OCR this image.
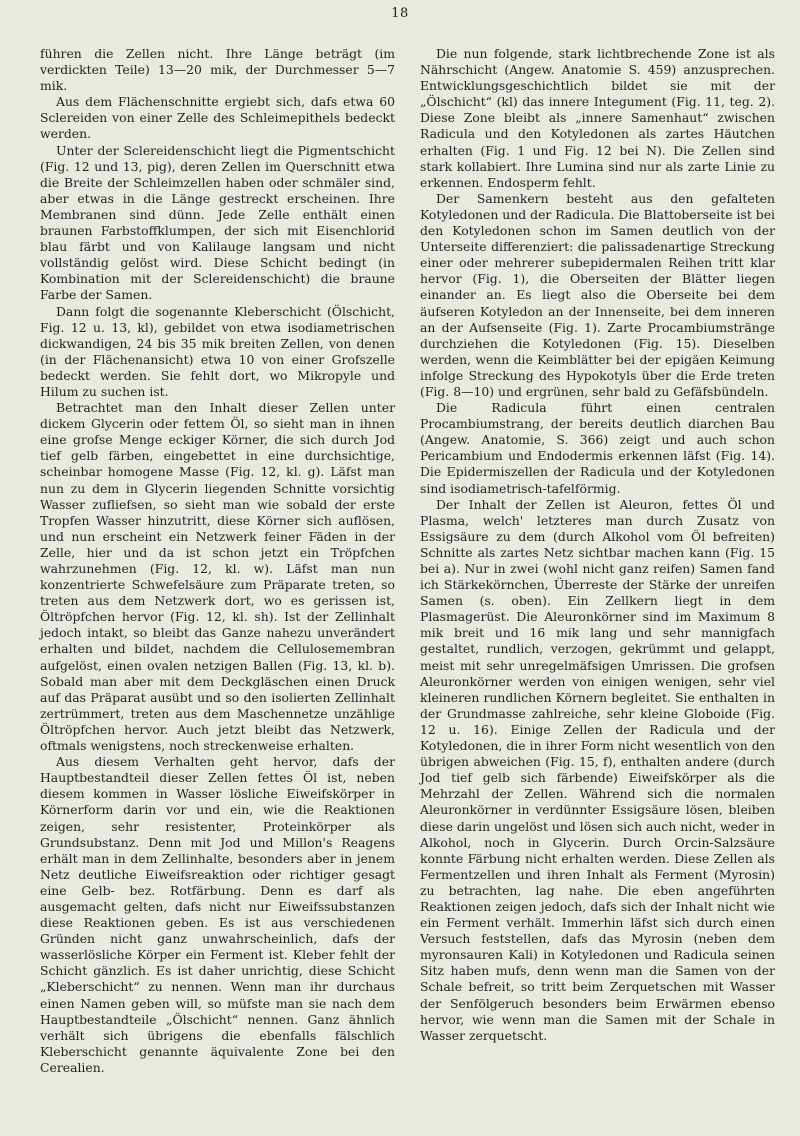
18

führen die Zellen nicht. Ihre Länge beträgt (im verdickten Teile) 13—20 mik, der Durchmesser 5—7 mik.

Aus dem Flächenschnitte ergiebt sich, dafs etwa 60 Sclereiden von einer Zelle des Schleimepithels bedeckt werden.

Unter der Sclereidenschicht liegt die Pigmentschicht (Fig. 12 und 13, pig), deren Zellen im Querschnitt etwa die Breite der Schleimzellen haben oder schmäler sind, aber etwas in die Länge gestreckt erscheinen. Ihre Membranen sind dünn. Jede Zelle enthält einen braunen Farbstoffklumpen, der sich mit Eisenchlorid blau färbt und von Kalilauge langsam und nicht vollständig gelöst wird. Diese Schicht bedingt (in Kombination mit der Sclereidenschicht) die braune Farbe der Samen.

Dann folgt die sogenannte Kleberschicht (Ölschicht, Fig. 12 u. 13, kl), gebildet von etwa isodiametrischen dickwandigen, 24 bis 35 mik breiten Zellen, von denen (in der Flächenansicht) etwa 10 von einer Grofszelle bedeckt werden. Sie fehlt dort, wo Mikropyle und Hilum zu suchen ist.

Betrachtet man den Inhalt dieser Zellen unter dickem Glycerin oder fettem Öl, so sieht man in ihnen eine grofse Menge eckiger Körner, die sich durch Jod tief gelb färben, eingebettet in eine durchsichtige, scheinbar homogene Masse (Fig. 12, kl. g). Läfst man nun zu dem in Glycerin liegenden Schnitte vorsichtig Wasser zufliefsen, so sieht man wie sobald der erste Tropfen Wasser hinzutritt, diese Körner sich auflösen, und nun erscheint ein Netzwerk feiner Fäden in der Zelle, hier und da ist schon jetzt ein Tröpfchen wahrzunehmen (Fig. 12, kl. w). Läfst man nun konzentrierte Schwefelsäure zum Präparate treten, so treten aus dem Netzwerk dort, wo es gerissen ist, Öltröpfchen hervor (Fig. 12, kl. sh). Ist der Zellinhalt jedoch intakt, so bleibt das Ganze nahezu unverändert erhalten und bildet, nachdem die Cellulosemembran aufgelöst, einen ovalen netzigen Ballen (Fig. 13, kl. b). Sobald man aber mit dem Deckgläschen einen Druck auf das Präparat ausübt und so den isolierten Zellinhalt zertrümmert, treten aus dem Maschennetze unzählige Öltröpfchen hervor. Auch jetzt bleibt das Netzwerk, oftmals wenigstens, noch streckenweise erhalten.

Aus diesem Verhalten geht hervor, dafs der Hauptbestandteil dieser Zellen fettes Öl ist, neben diesem kommen in Wasser lösliche Eiweifskörper in Körnerform darin vor und ein, wie die Reaktionen zeigen, sehr resistenter, Proteinkörper als Grundsubstanz. Denn mit Jod und Millon's Reagens erhält man in dem Zellinhalte, besonders aber in jenem Netz deutliche Eiweifsreaktion oder richtiger gesagt eine Gelb- bez. Rotfärbung. Denn es darf als ausgemacht gelten, dafs nicht nur Eiweifssubstanzen diese Reaktionen geben. Es ist aus verschiedenen Gründen nicht ganz unwahrscheinlich, dafs der wasserlösliche Körper ein Ferment ist. Kleber fehlt der Schicht gänzlich. Es ist daher unrichtig, diese Schicht „Kleberschicht“ zu nennen. Wenn man ihr durchaus einen Namen geben will, so müfste man sie nach dem Hauptbestandteile „Ölschicht“ nennen. Ganz ähnlich verhält sich übrigens die ebenfalls fälschlich Kleberschicht genannte äquivalente Zone bei den Cerealien.

Die nun folgende, stark lichtbrechende Zone ist als Nährschicht (Angew. Anatomie S. 459) anzusprechen. Entwicklungsgeschichtlich bildet sie mit der „Ölschicht“ (kl) das innere Integument (Fig. 11, teg. 2). Diese Zone bleibt als „innere Samenhaut“ zwischen Radicula und den Kotyledonen als zartes Häutchen erhalten (Fig. 1 und Fig. 12 bei N). Die Zellen sind stark kollabiert. Ihre Lumina sind nur als zarte Linie zu erkennen. Endosperm fehlt.

Der Samenkern besteht aus den gefalteten Kotyledonen und der Radicula. Die Blattoberseite ist bei den Kotyledonen schon im Samen deutlich von der Unterseite differenziert: die palissadenartige Streckung einer oder mehrerer subepidermalen Reihen tritt klar hervor (Fig. 1), die Oberseiten der Blätter liegen einander an. Es liegt also die Oberseite bei dem äufseren Kotyledon an der Innenseite, bei dem inneren an der Aufsenseite (Fig. 1). Zarte Procambiumstränge durchziehen die Kotyledonen (Fig. 15). Dieselben werden, wenn die Keimblätter bei der epigäen Keimung infolge Streckung des Hypokotyls über die Erde treten (Fig. 8—10) und ergrünen, sehr bald zu Gefäfsbündeln.

Die Radicula führt einen centralen Procambiumstrang, der bereits deutlich diarchen Bau (Angew. Anatomie, S. 366) zeigt und auch schon Pericambium und Endodermis erkennen läfst (Fig. 14). Die Epidermiszellen der Radicula und der Kotyledonen sind isodiametrisch-tafelförmig.

Der Inhalt der Zellen ist Aleuron, fettes Öl und Plasma, welch' letzteres man durch Zusatz von Essigsäure zu dem (durch Alkohol vom Öl befreiten) Schnitte als zartes Netz sichtbar machen kann (Fig. 15 bei a). Nur in zwei (wohl nicht ganz reifen) Samen fand ich Stärkekörnchen, Überreste der Stärke der unreifen Samen (s. oben). Ein Zellkern liegt in dem Plasmagerüst. Die Aleuronkörner sind im Maximum 8 mik breit und 16 mik lang und sehr mannigfach gestaltet, rundlich, verzogen, gekrümmt und gelappt, meist mit sehr unregelmäfsigen Umrissen. Die grofsen Aleuronkörner werden von einigen wenigen, sehr viel kleineren rundlichen Körnern begleitet. Sie enthalten in der Grundmasse zahlreiche, sehr kleine Globoide (Fig. 12 u. 16). Einige Zellen der Radicula und der Kotyledonen, die in ihrer Form nicht wesentlich von den übrigen abweichen (Fig. 15, f), enthalten andere (durch Jod tief gelb sich färbende) Eiweifskörper als die Mehrzahl der Zellen. Während sich die normalen Aleuronkörner in verdünnter Essigsäure lösen, bleiben diese darin ungelöst und lösen sich auch nicht, weder in Alkohol, noch in Glycerin. Durch Orcin-Salzsäure konnte Färbung nicht erhalten werden. Diese Zellen als Fermentzellen und ihren Inhalt als Ferment (Myrosin) zu betrachten, lag nahe. Die eben angeführten Reaktionen zeigen jedoch, dafs sich der Inhalt nicht wie ein Ferment verhält. Immerhin läfst sich durch einen Versuch feststellen, dafs das Myrosin (neben dem myronsauren Kali) in Kotyledonen und Radicula seinen Sitz haben mufs, denn wenn man die Samen von der Schale befreit, so tritt beim Zerquetschen mit Wasser der Senfölgeruch besonders beim Erwärmen ebenso hervor, wie wenn man die Samen mit der Schale in Wasser zerquetscht.
